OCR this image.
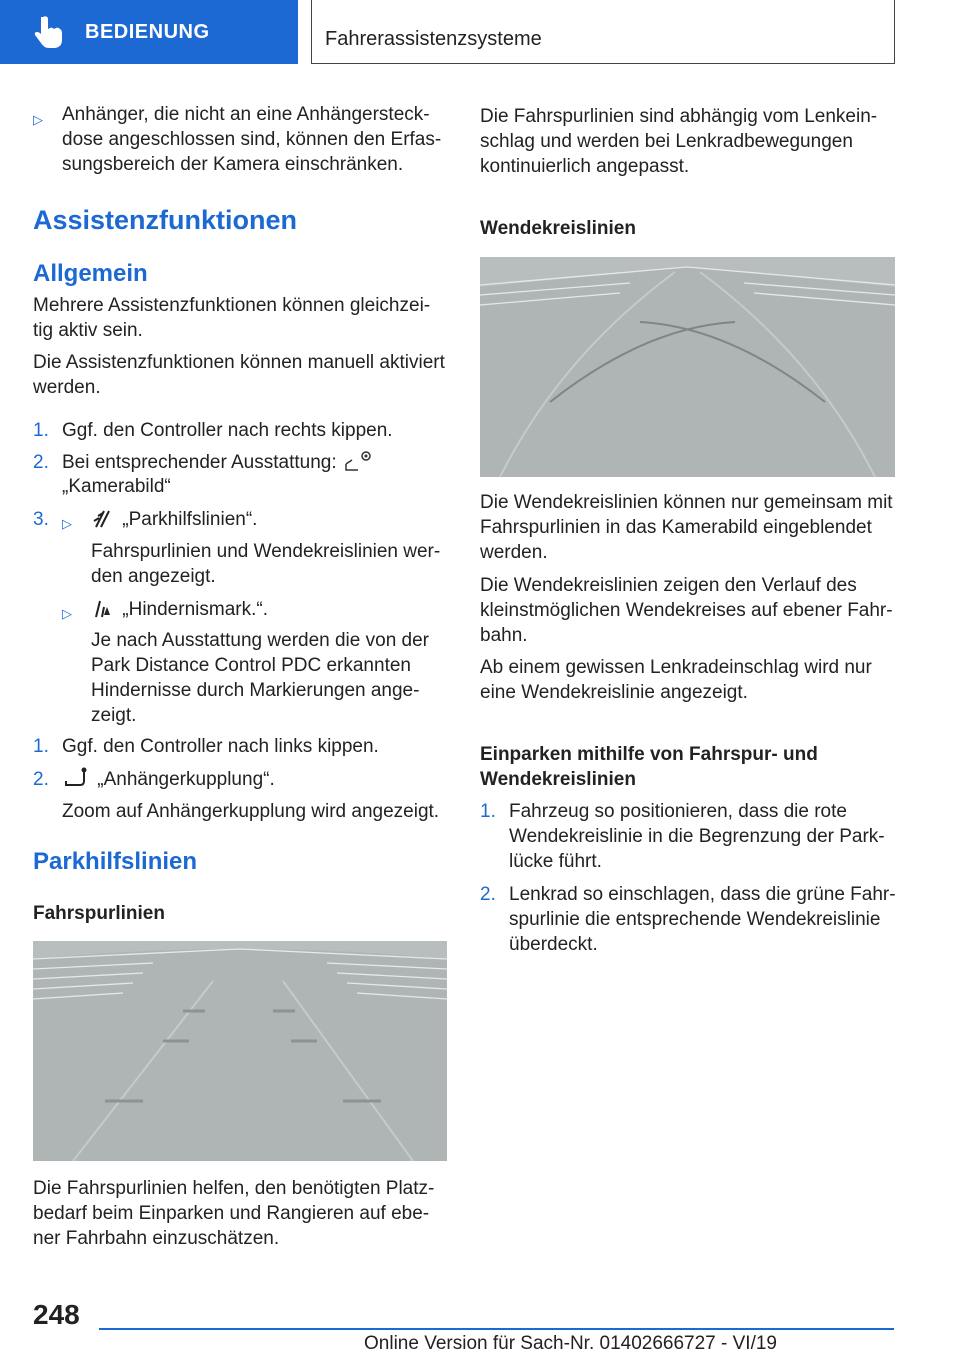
BEDIENUNG	Fahrerassistenzsysteme
▷ Anhänger, die nicht an eine Anhängersteck-
dose angeschlossen sind, können den Erfas-
sungsbereich der Kamera einschränken.

Assistenzfunktionen
Allgemein

Mehrere Assistenzfunktionen können gleichzei-
tig aktiv sein.

Die Assistenzfunktionen können manuell aktiviert
werden.

1. Ggf. den Controller nach rechts kippen.
2. Bei entsprechender Ausstattung:
„Kamerabild“
3. ▷	„Parkhilfslinien“.

Fahrspurlinien und Wendekreislinien wer-
den angezeigt.

▷	„Hindernismark.“.

Je nach Ausstattung werden die von der
Park Distance Control PDC erkannten
Hindernisse durch Markierungen ange-
zeigt.

1. Ggf. den Controller nach links kippen.
2.	„Anhängerkupplung“.

Zoom auf Anhängerkupplung wird angezeigt.

Parkhilfslinien
Fahrspurlinien

Die Fahrspurlinien helfen, den benötigten Platz-
bedarf beim Einparken und Rangieren auf ebe-
ner Fahrbahn einzuschätzen.

Die Fahrspurlinien sind abhängig vom Lenkein-
schlag und werden bei Lenkradbewegungen
kontinuierlich angepasst.

Wendekreislinien

Die Wendekreislinien können nur gemeinsam mit
Fahrspurlinien in das Kamerabild eingeblendet
werden.

Die Wendekreislinien zeigen den Verlauf des
kleinstmöglichen Wendekreises auf ebener Fahr-
bahn.

Ab einem gewissen Lenkradeinschlag wird nur
eine Wendekreislinie angezeigt.

Einparken mithilfe von Fahrspur- und
Wendekreislinien
1. Fahrzeug so positionieren, dass die rote
Wendekreislinie in die Begrenzung der Park-
lücke führt.

2. Lenkrad so einschlagen, dass die grüne Fahr-
spurlinie die entsprechende Wendekreislinie
überdeckt.

248
Online Version für Sach-Nr. 01402666727 - VI/19
